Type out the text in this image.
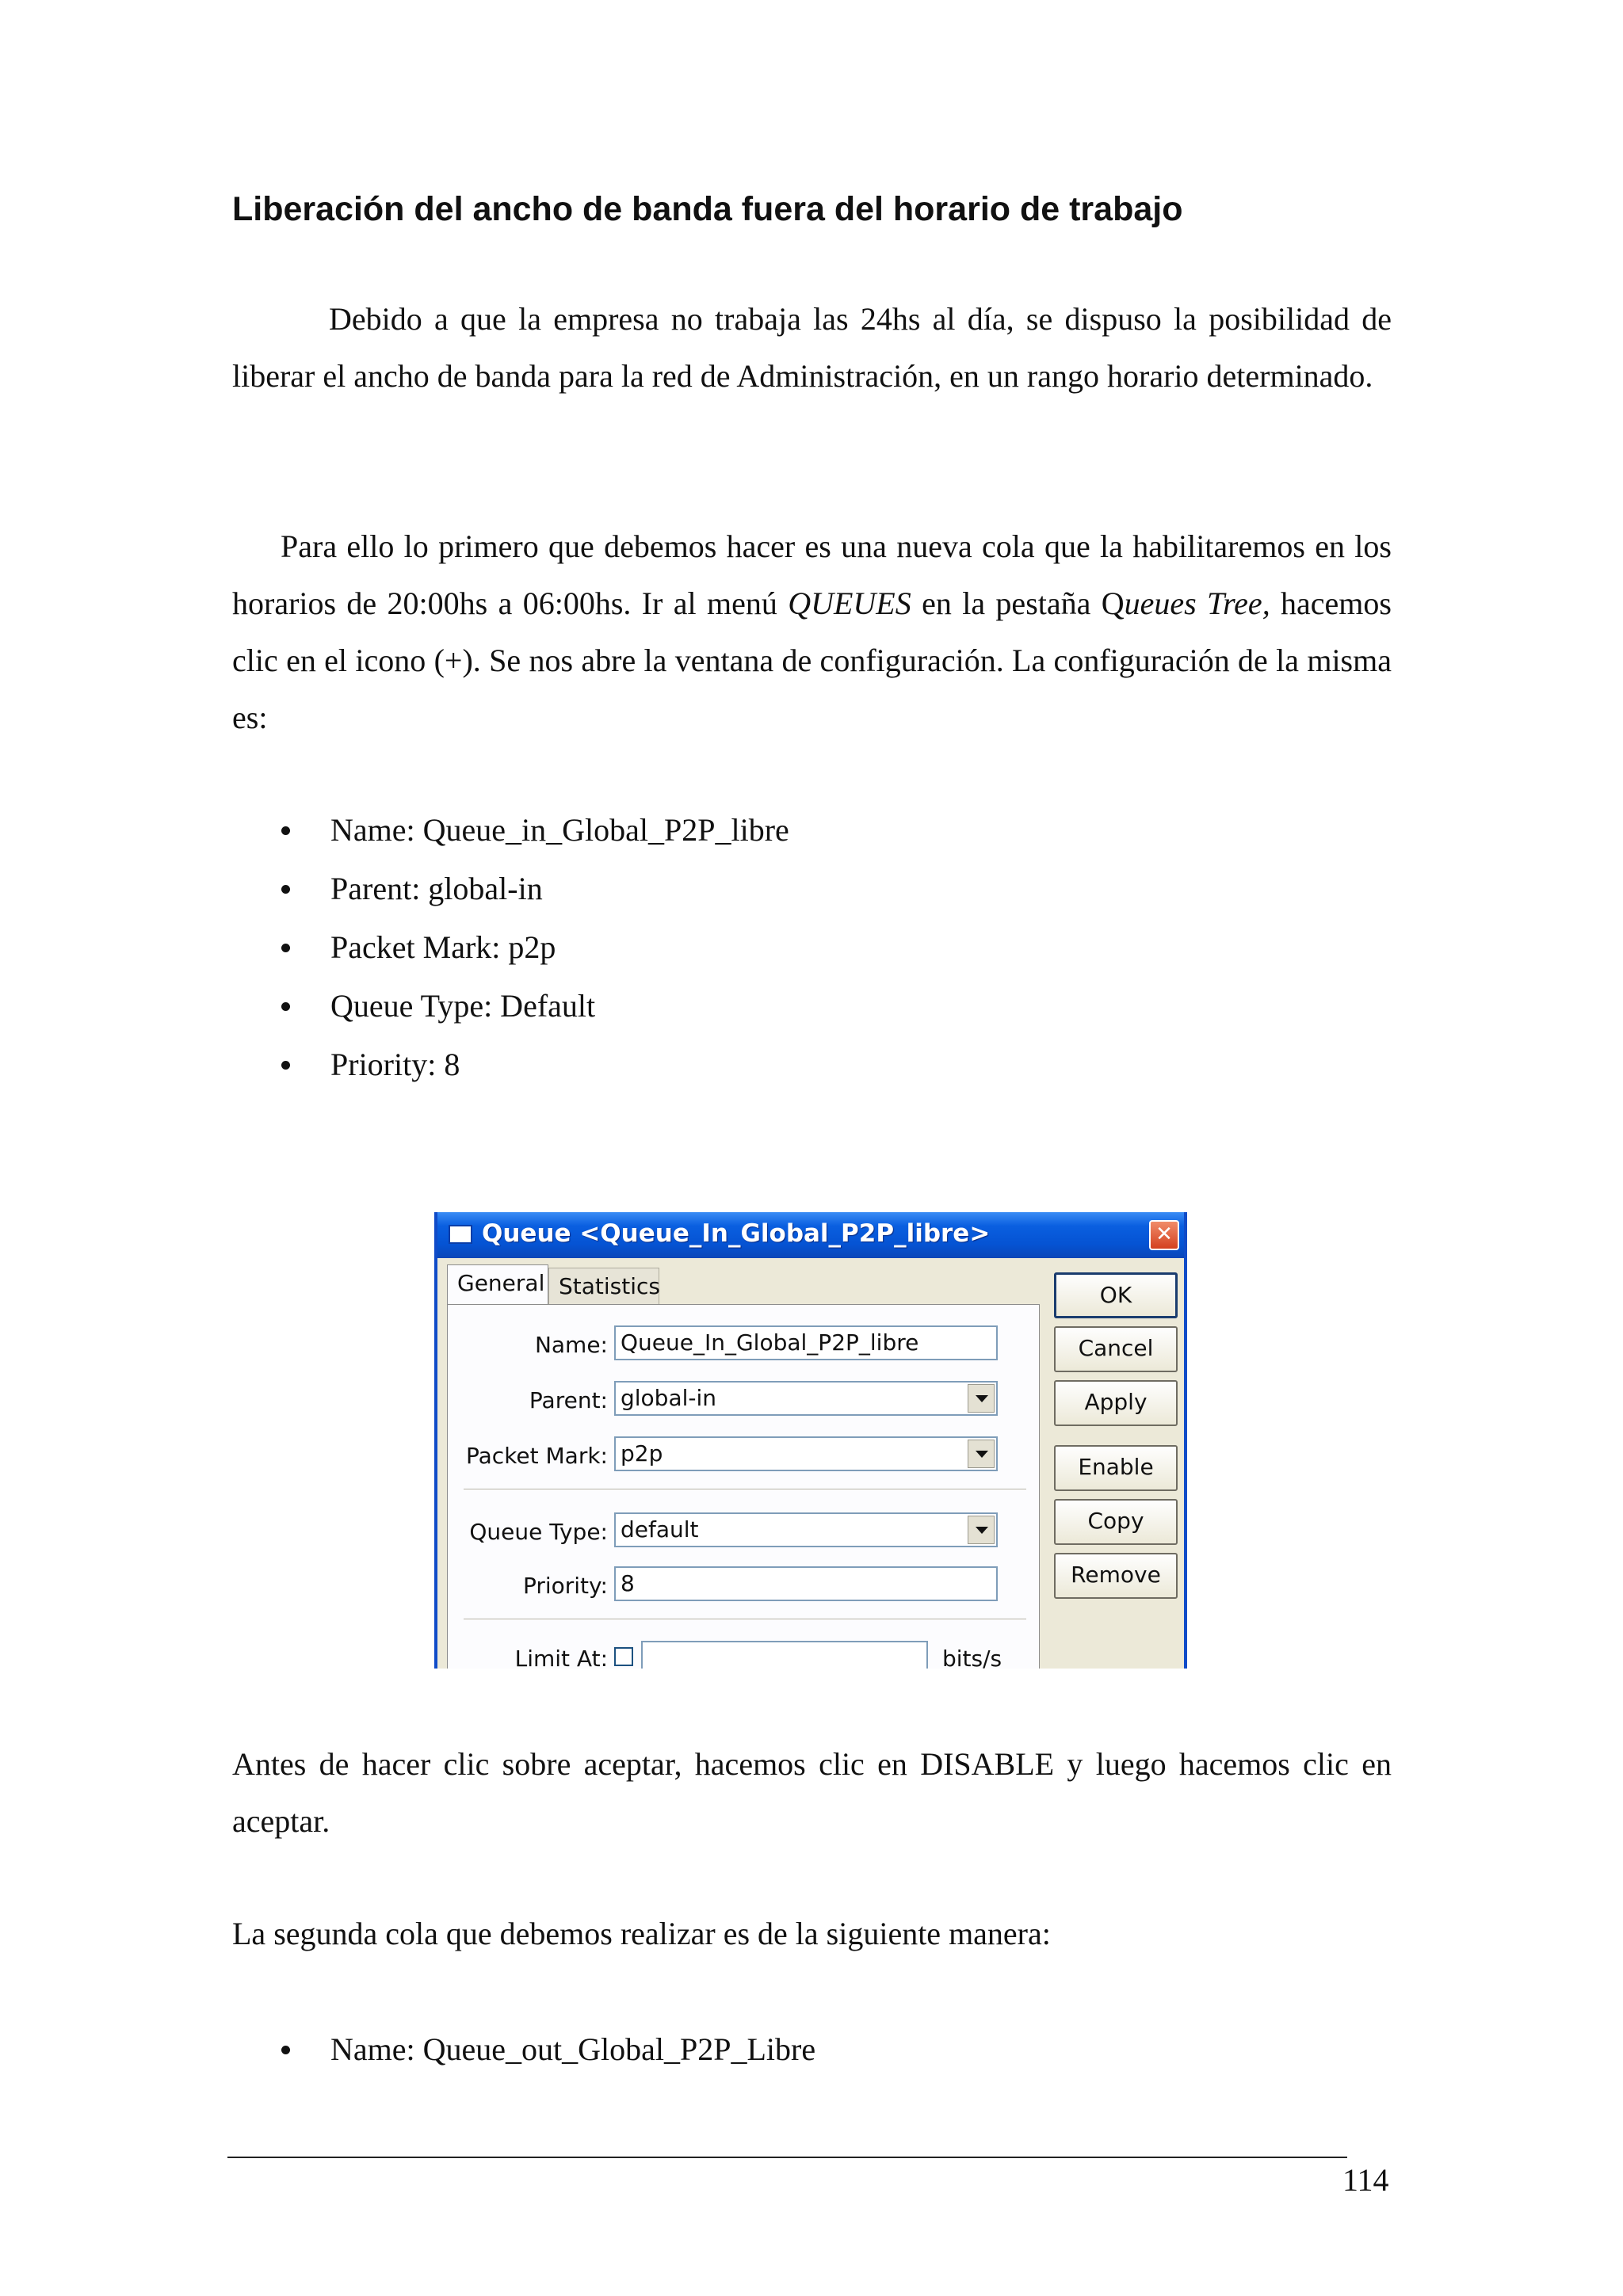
Liberación del ancho de banda fuera del horario de trabajo
Debido a que la empresa no trabaja las 24hs al día, se dispuso la posibilidad de liberar el ancho de banda para la red de Administración, en un rango horario determinado.
Para ello lo primero que debemos hacer es una nueva cola que la habilitaremos en los horarios de 20:00hs a 06:00hs. Ir al menú QUEUES en la pestaña Queues Tree, hacemos clic en el icono (+). Se nos abre la ventana de configuración. La configuración de la misma es:
Name: Queue_in_Global_P2P_libre
Parent: global-in
Packet Mark: p2p
Queue Type: Default
Priority: 8
Queue <Queue_In_Global_P2P_libre>	✕
General Statistics
Name: Queue_In_Global_P2P_libre
Parent: global-in
Packet Mark: p2p
Queue Type: default
Priority: 8
Limit At:	bits/s
OK
Cancel
Apply
Enable
Copy
Remove
Antes de hacer clic sobre aceptar, hacemos clic en DISABLE y luego hacemos clic en aceptar.
La segunda cola que debemos realizar es de la siguiente manera:
Name: Queue_out_Global_P2P_Libre
114
